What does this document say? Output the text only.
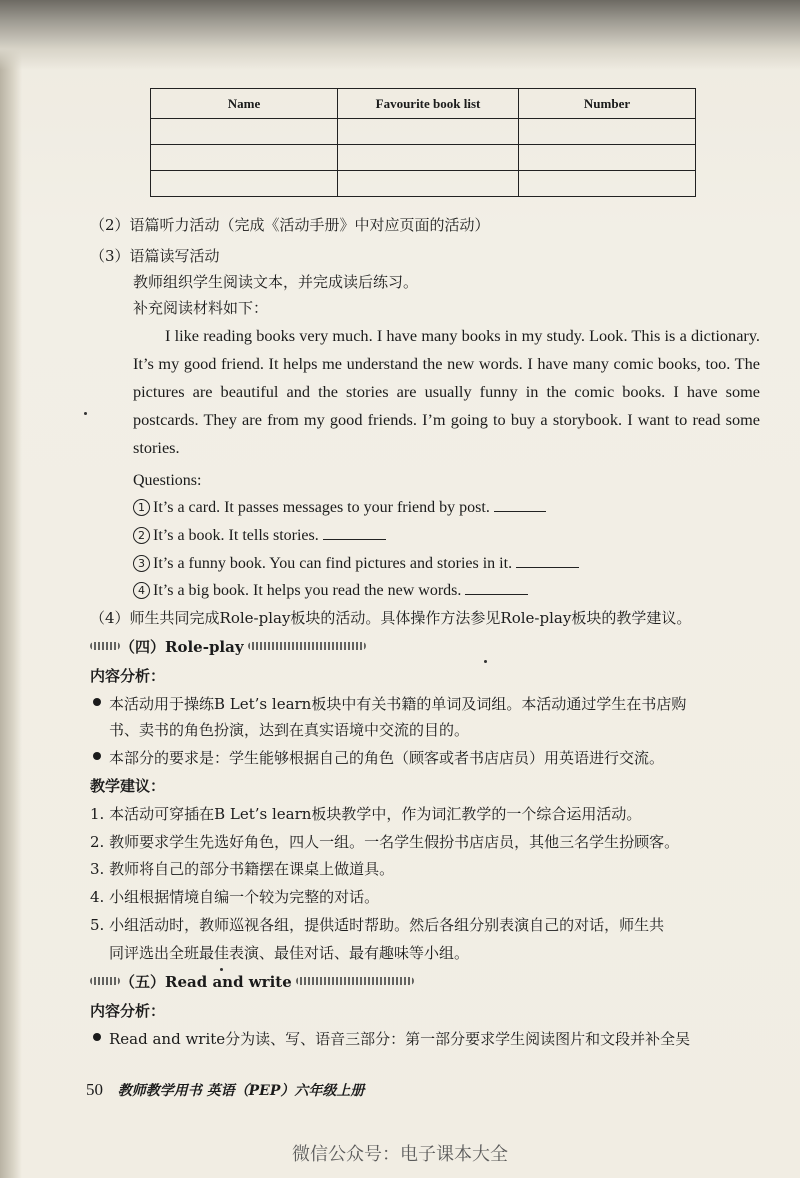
Name	Favourite book list	Number

（2）语篇听力活动（完成《活动手册》中对应页面的活动）
（3）语篇读写活动
教师组织学生阅读文本，并完成读后练习。
补充阅读材料如下：
I like reading books very much. I have many books in my study. Look. This is a dictionary. It’s my good friend. It helps me understand the new words. I have many comic books, too. The pictures are beautiful and the stories are usually funny in the comic books. I have some postcards. They are from my good friends. I’m going to buy a storybook. I want to read some stories.
Questions:
1 It’s a card. It passes messages to your friend by post.
2 It’s a book. It tells stories.
3 It’s a funny book. You can find pictures and stories in it.
4 It’s a big book. It helps you read the new words.
（4）师生共同完成Role-play板块的活动。具体操作方法参见Role-play板块的教学建议。
（四）Role-play
内容分析：
本活动用于操练B Let’s learn板块中有关书籍的单词及词组。本活动通过学生在书店购
书、卖书的角色扮演，达到在真实语境中交流的目的。
本部分的要求是：学生能够根据自己的角色（顾客或者书店店员）用英语进行交流。
教学建议：
1. 本活动可穿插在B Let’s learn板块教学中，作为词汇教学的一个综合运用活动。
2. 教师要求学生先选好角色，四人一组。一名学生假扮书店店员，其他三名学生扮顾客。
3. 教师将自己的部分书籍摆在课桌上做道具。
4. 小组根据情境自编一个较为完整的对话。
5. 小组活动时，教师巡视各组，提供适时帮助。然后各组分别表演自己的对话，师生共
同评选出全班最佳表演、最佳对话、最有趣味等小组。
（五）Read and write
内容分析：
Read and write分为读、写、语音三部分：第一部分要求学生阅读图片和文段并补全吴
50 教师教学用书 英语（PEP）六年级上册
微信公众号：电子课本大全
